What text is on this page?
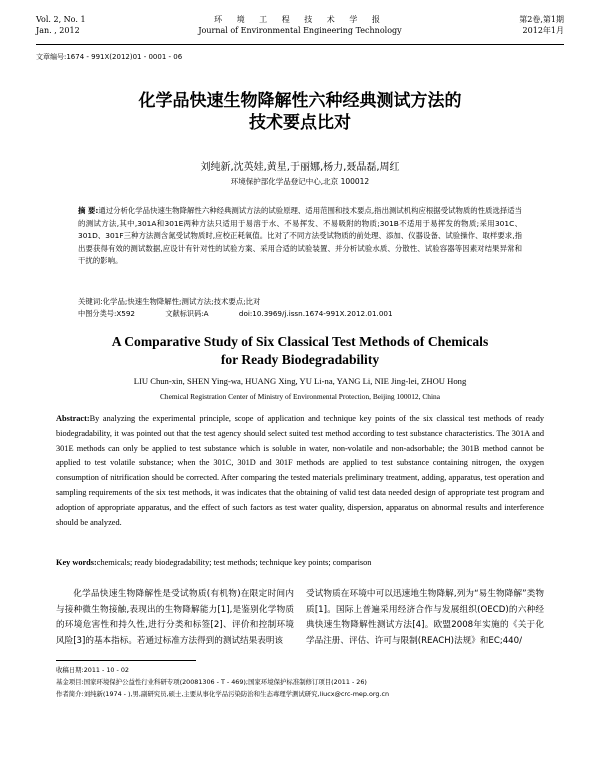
Vol. 2, No. 1
Jan. , 2012
环 境 工 程 技 术 学 报
Journal of Environmental Engineering Technology
第2卷,第1期
2012年1月
文章编号:1674 - 991X(2012)01 - 0001 - 06
化学品快速生物降解性六种经典测试方法的
技术要点比对
刘纯新,沈英娃,黄星,于丽娜,杨力,聂晶磊,周红
环境保护部化学品登记中心,北京 100012
摘 要:通过分析化学品快速生物降解性六种经典测试方法的试验原理、适用范围和技术要点,指出测试机构应根据受试物质的性质选择适当的测试方法,其中,301A和301E两种方法只适用于易溶于水、不易挥发、不易吸附的物质;301B不适用于易挥发的物质;采用301C、301D、301F三种方法测含氮受试物质时,应校正耗氧值。比对了不同方法受试物质的前处理、添加、仪器设备、试验操作、取样要求,指出要获得有效的测试数据,应设计有针对性的试验方案、采用合适的试验装置、并分析试验水质、分散性、试验容器等因素对结果异常和干扰的影响。
关键词:化学品;快速生物降解性;测试方法;技术要点;比对
中图分类号:X592	文献标识码:A	doi:10.3969/j.issn.1674-991X.2012.01.001
A Comparative Study of Six Classical Test Methods of Chemicals
for Ready Biodegradability
LIU Chun-xin, SHEN Ying-wa, HUANG Xing, YU Li-na, YANG Li, NIE Jing-lei, ZHOU Hong
Chemical Registration Center of Ministry of Environmental Protection, Beijing 100012, China
Abstract:By analyzing the experimental principle, scope of application and technique key points of the six classical test methods of ready biodegradability, it was pointed out that the test agency should select suited test method according to test substance characteristics. The 301A and 301E methods can only be applied to test substance which is soluble in water, non-volatile and non-adsorbable; the 301B method cannot be applied to test volatile substance; when the 301C, 301D and 301F methods are applied to test substance containing nitrogen, the oxygen consumption of nitrification should be corrected. After comparing the tested materials preliminary treatment, adding, apparatus, test operation and sampling requirements of the six test methods, it was indicates that the obtaining of valid test data needed design of appropriate test program and adoption of appropriate apparatus, and the effect of such factors as test water quality, dispersion, apparatus on abnormal results and interference should be analyzed.
Key words:chemicals; ready biodegradability; test methods; technique key points; comparison
化学品快速生物降解性是受试物质(有机物)在限定时间内与接种微生物接触,表现出的生物降解能力[1],是鉴别化学物质的环境危害性和持久性,进行分类和标签[2]、评价和控制环境风险[3]的基本指标。若通过标准方法得到的测试结果表明该
受试物质在环境中可以迅速地生物降解,列为“易生物降解”类物质[1]。国际上普遍采用经济合作与发展组织(OECD)的六种经典快速生物降解性测试方法[4]。欧盟2008年实施的《关于化学品注册、评估、许可与限制(REACH)法规》和EC;440/
收稿日期:2011 - 10 - 02
基金项目:国家环境保护公益性行业科研专项(20081306 - T - 469);国家环境保护标准制修订项目(2011 - 26)
作者简介:刘纯新(1974 - ),男,副研究员,硕士,主要从事化学品污染防治和生态毒理学测试研究,liucx@crc-mep.org.cn
